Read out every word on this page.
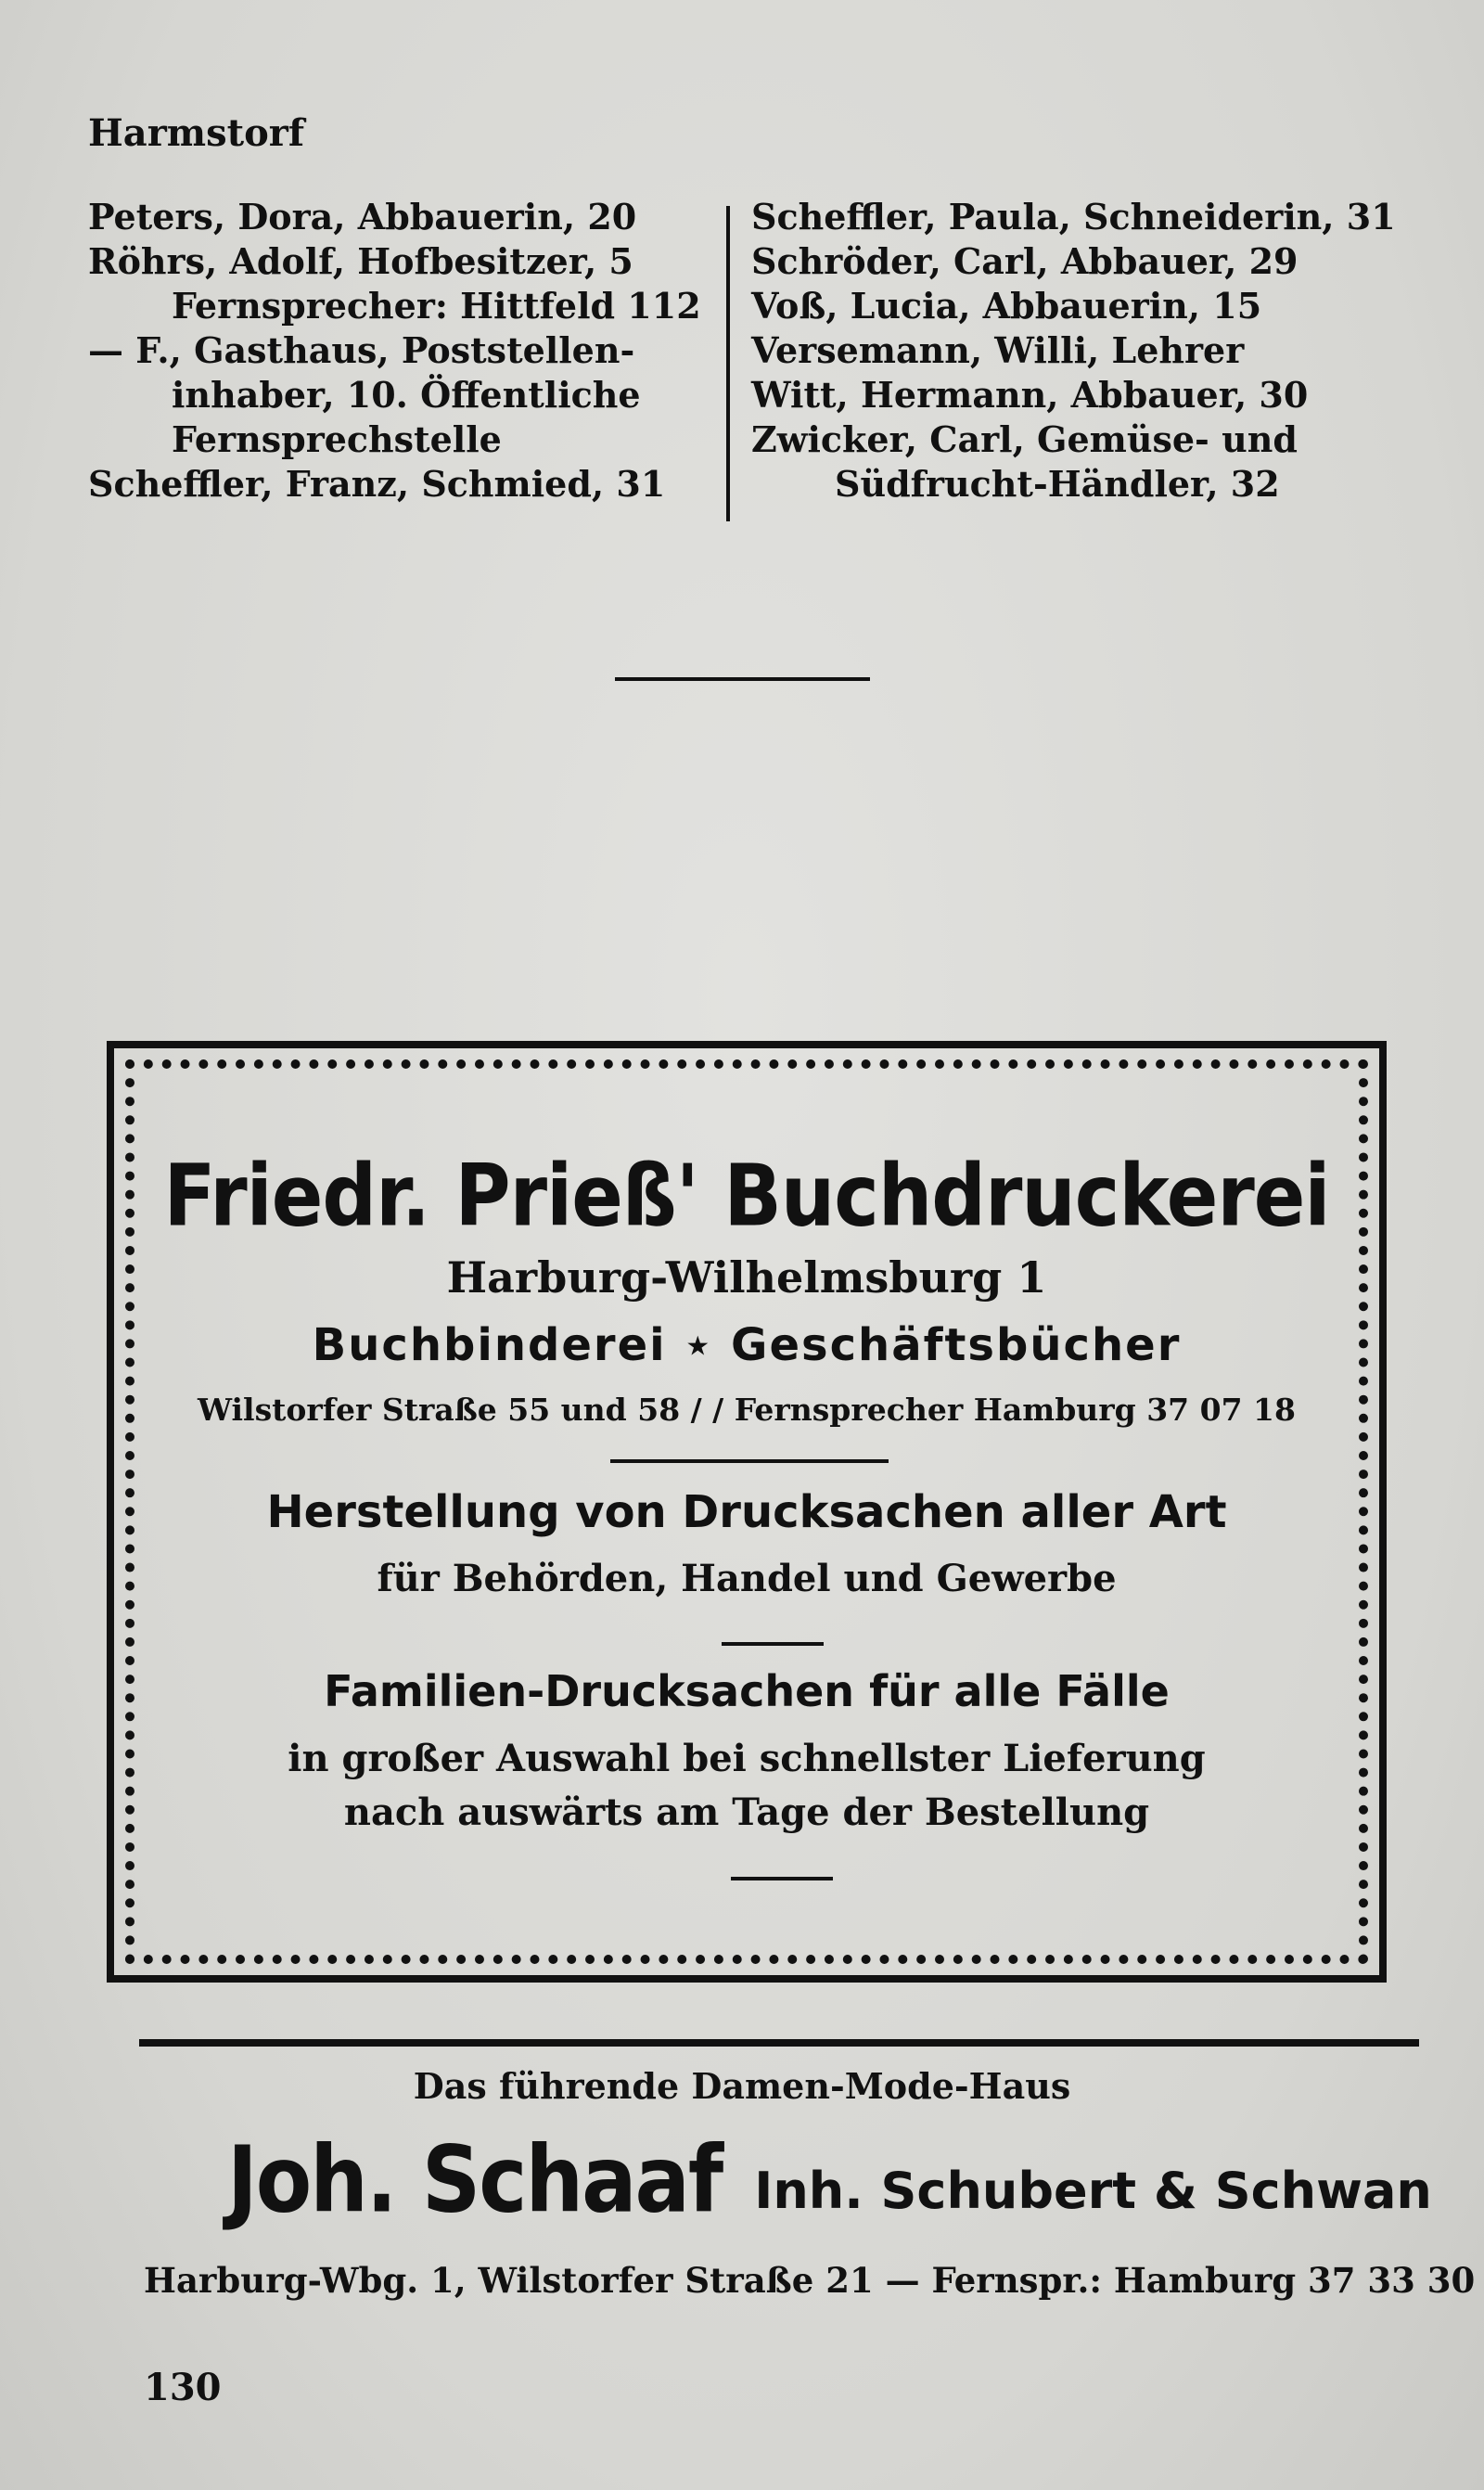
Harmstorf
Peters, Dora, Abbauerin, 20
Röhrs, Adolf, Hofbesitzer, 5
Fernsprecher: Hittfeld 112
— F., Gasthaus, Poststellen-
inhaber, 10. Öffentliche
Fernsprechstelle
Scheffler, Franz, Schmied, 31
Scheffler, Paula, Schneiderin, 31
Schröder, Carl, Abbauer, 29
Voß, Lucia, Abbauerin, 15
Versemann, Willi, Lehrer
Witt, Hermann, Abbauer, 30
Zwicker, Carl, Gemüse- und
Südfrucht-Händler, 32
Friedr. Prieß' Buchdruckerei
Harburg-Wilhelmsburg 1
Buchbinderei ⋆ Geschäftsbücher
Wilstorfer Straße 55 und 58 / / Fernsprecher Hamburg 37 07 18
Herstellung von Drucksachen aller Art
für Behörden, Handel und Gewerbe
Familien-Drucksachen für alle Fälle
in großer Auswahl bei schnellster Lieferung
nach auswärts am Tage der Bestellung
Das führende Damen-Mode-Haus
Joh. Schaaf Inh. Schubert & Schwan
Harburg-Wbg. 1, Wilstorfer Straße 21 — Fernspr.: Hamburg 37 33 30
130
